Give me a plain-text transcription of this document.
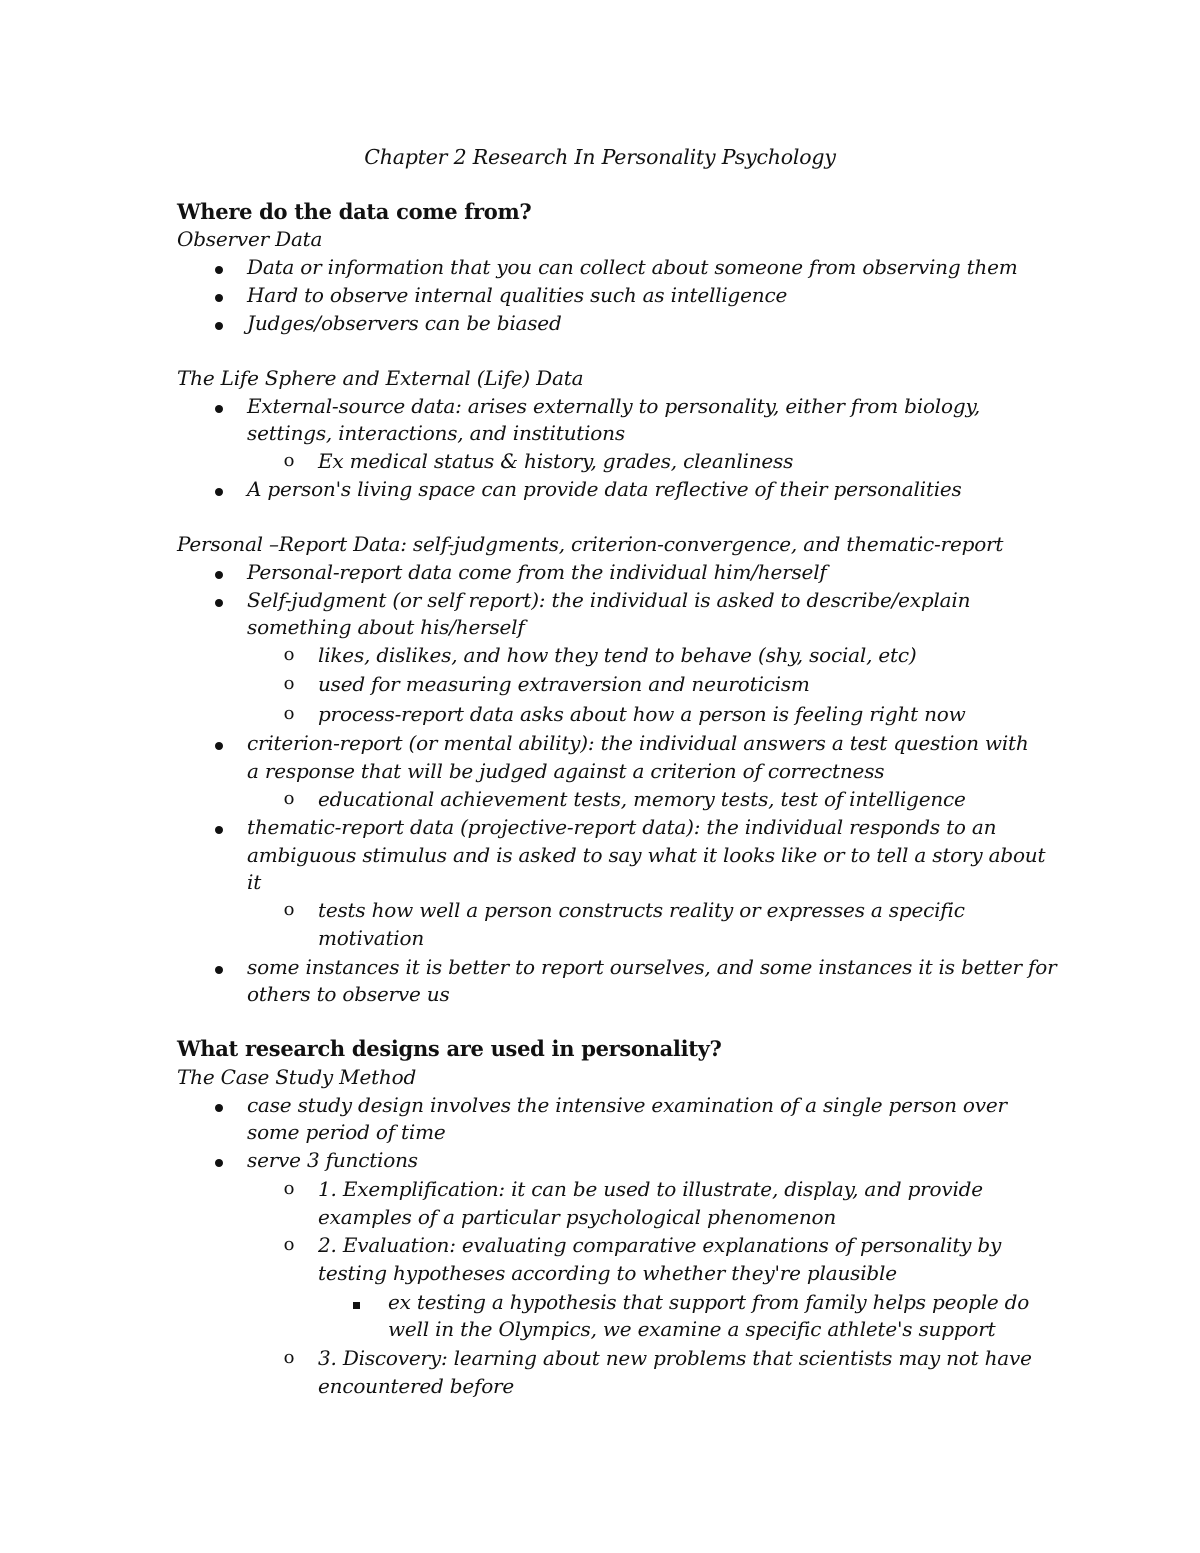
Chapter 2 Research In Personality Psychology
Where do the data come from?
Observer Data
Data or information that you can collect about someone from observing them
Hard to observe internal qualities such as intelligence
Judges/observers can be biased
The Life Sphere and External (Life) Data
External-source data: arises externally to personality, either from biology,
settings, interactions, and institutions
o Ex medical status & history, grades, cleanliness
A person's living space can provide data reflective of their personalities
Personal –Report Data: self-judgments, criterion-convergence, and thematic-report
Personal-report data come from the individual him/herself
Self-judgment (or self report): the individual is asked to describe/explain
something about his/herself
o likes, dislikes, and how they tend to behave (shy, social, etc)
o used for measuring extraversion and neuroticism
o process-report data asks about how a person is feeling right now
criterion-report (or mental ability): the individual answers a test question with
a response that will be judged against a criterion of correctness
o educational achievement tests, memory tests, test of intelligence
thematic-report data (projective-report data): the individual responds to an
ambiguous stimulus and is asked to say what it looks like or to tell a story about
it
o tests how well a person constructs reality or expresses a specific
motivation
some instances it is better to report ourselves, and some instances it is better for
others to observe us
What research designs are used in personality?
The Case Study Method
case study design involves the intensive examination of a single person over
some period of time
serve 3 functions
o 1. Exemplification: it can be used to illustrate, display, and provide
examples of a particular psychological phenomenon
o 2. Evaluation: evaluating comparative explanations of personality by
testing hypotheses according to whether they're plausible
ex testing a hypothesis that support from family helps people do
well in the Olympics, we examine a specific athlete's support
o 3. Discovery: learning about new problems that scientists may not have
encountered before
